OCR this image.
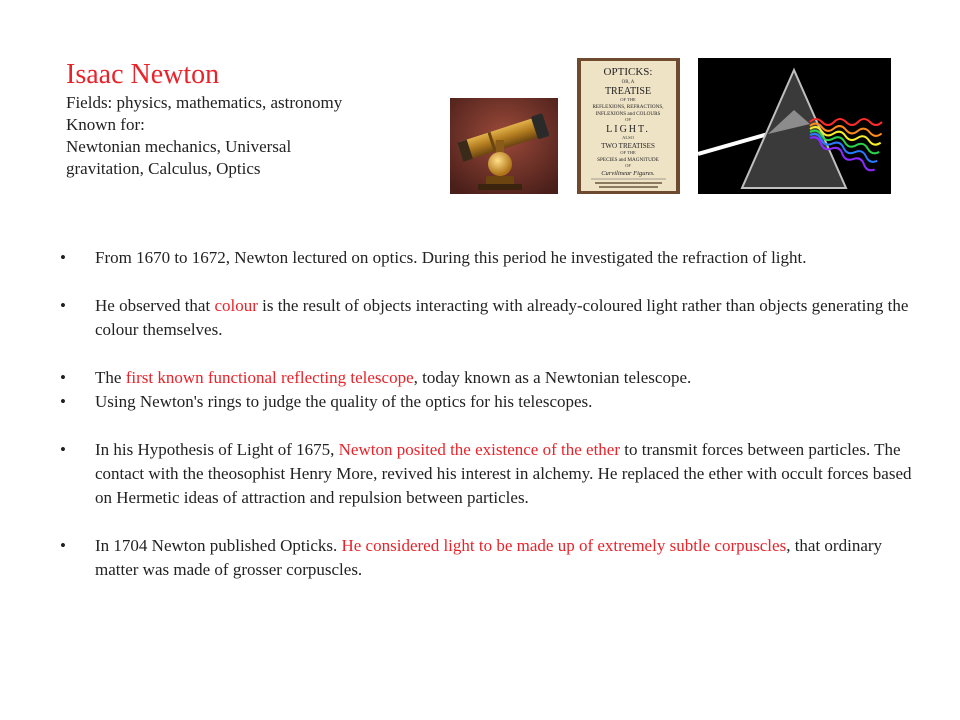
Isaac Newton
Fields: physics, mathematics, astronomy
Known for:
Newtonian mechanics, Universal
gravitation, Calculus, Optics
OPTICKS:
OR, A
TREATISE
OF THE
REFLEXIONS, REFRACTIONS,
INFLEXIONS and COLOURS
OF
LIGHT.
ALSO
TWO TREATISES
OF THE
SPECIES and MAGNITUDE
OF
Curvilinear Figures.
• From 1670 to 1672, Newton lectured on optics. During this period he investigated the refraction of light.
• He observed that colour is the result of objects interacting with already-coloured light rather than objects generating the colour themselves.
• The first known functional reflecting telescope, today known as a Newtonian telescope.
• Using Newton's rings to judge the quality of the optics for his telescopes.
• In his Hypothesis of Light of 1675, Newton posited the existence of the ether to transmit forces between particles. The contact with the theosophist Henry More, revived his interest in alchemy. He replaced the ether with occult forces based on Hermetic ideas of attraction and repulsion between particles.
• In 1704 Newton published Opticks. He considered light to be made up of extremely subtle corpuscles, that ordinary matter was made of grosser corpuscles.
